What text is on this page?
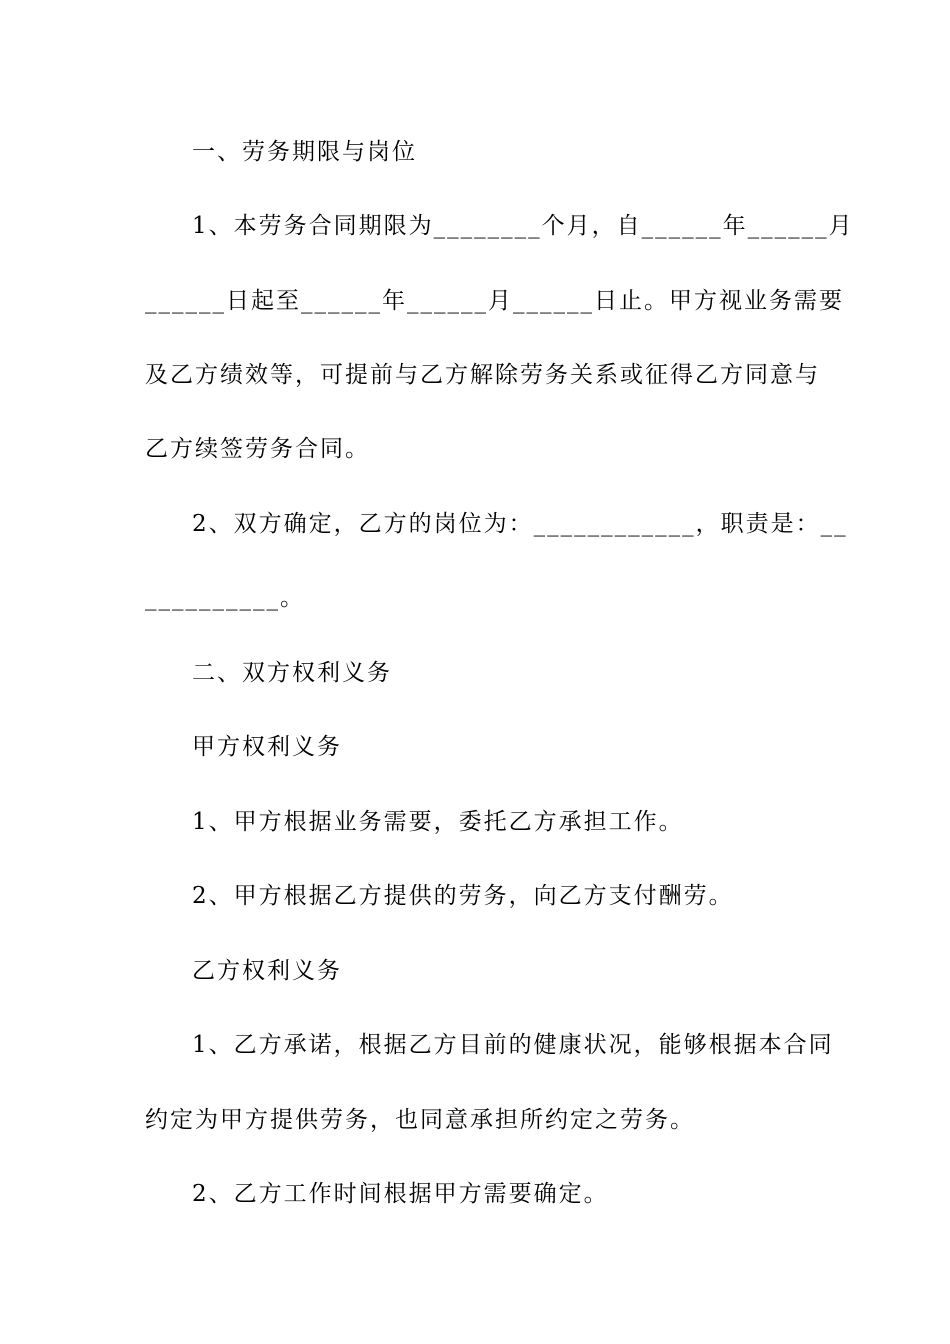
一、劳务期限与岗位
1、本劳务合同期限为________个月，自______年______月
______日起至______年______月______日止。甲方视业务需要
及乙方绩效等，可提前与乙方解除劳务关系或征得乙方同意与
乙方续签劳务合同。
2、双方确定，乙方的岗位为：____________，职责是：__
__________。
二、双方权利义务
甲方权利义务
1、甲方根据业务需要，委托乙方承担工作。
2、甲方根据乙方提供的劳务，向乙方支付酬劳。
乙方权利义务
1、乙方承诺，根据乙方目前的健康状况，能够根据本合同
约定为甲方提供劳务，也同意承担所约定之劳务。
2、乙方工作时间根据甲方需要确定。
